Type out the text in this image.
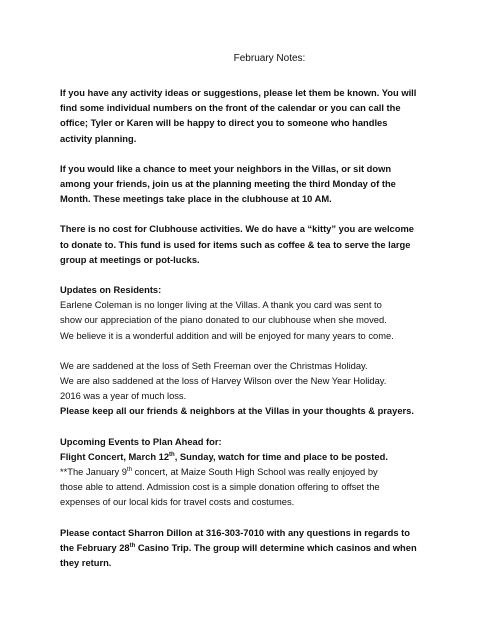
February Notes:

If you have any activity ideas or suggestions, please let them be known. You will

find some individual numbers on the front of the calendar or you can call the

office; Tyler or Karen will be happy to direct you to someone who handles

activity planning.

If you would like a chance to meet your neighbors in the Villas, or sit down

among your friends, join us at the planning meeting the third Monday of the

Month. These meetings take place in the clubhouse at 10 AM.

There is no cost for Clubhouse activities. We do have a “kitty” you are welcome

to donate to. This fund is used for items such as coffee & tea to serve the large

group at meetings or pot-lucks.

Updates on Residents:

Earlene Coleman is no longer living at the Villas. A thank you card was sent to

show our appreciation of the piano donated to our clubhouse when she moved.

We believe it is a wonderful addition and will be enjoyed for many years to come.

We are saddened at the loss of Seth Freeman over the Christmas Holiday.

We are also saddened at the loss of Harvey Wilson over the New Year Holiday.

2016 was a year of much loss.

Please keep all our friends & neighbors at the Villas in your thoughts & prayers.

Upcoming Events to Plan Ahead for:

Flight Concert, March 12th, Sunday, watch for time and place to be posted.

**The January 9th concert, at Maize South High School was really enjoyed by

those able to attend. Admission cost is a simple donation offering to offset the

expenses of our local kids for travel costs and costumes.

Please contact Sharron Dillon at 316-303-7010 with any questions in regards to

the February 28th Casino Trip. The group will determine which casinos and when

they return.
